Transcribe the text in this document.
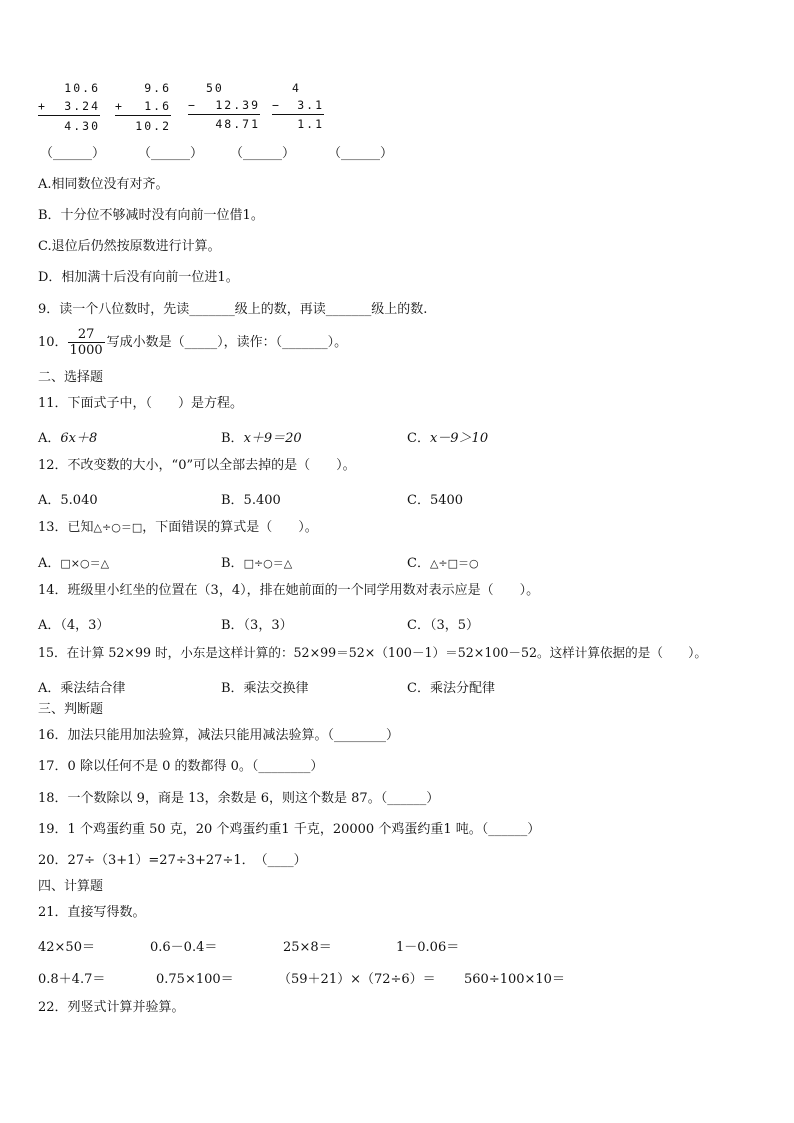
10.6
+ 3.24
4.30
9.6
+ 1.6
10.2
50
− 12.39
48.71
4
− 3.1
1.1
（______）	（______） （______）	（______）
A.相同数位没有对齐。
B．十分位不够减时没有向前一位借1。
C.退位后仍然按原数进行计算。
D．相加满十后没有向前一位进1。
9．读一个八位数时，先读_______级上的数，再读_______级上的数.
10． $\frac{27}{1000}$ 写成小数是（_____），读作：（_______）。
二、选择题
11．下面式子中，（　　）是方程。
A．6x＋8	B．x＋9＝20	C．x－9＞10
12．不改变数的大小，“0”可以全部去掉的是（　　）。
A．5.040	B．5.400	C．5400
13．已知△÷○＝□，下面错误的算式是（　　）。
A．□×○＝△	B．□÷○＝△	C．△÷□＝○
14．班级里小红坐的位置在（3，4），排在她前面的一个同学用数对表示应是（　　）。
A．（4，3）	B．（3，3）	C．（3，5）
15．在计算 52×99 时，小东是这样计算的：52×99＝52×（100－1）＝52×100－52。这样计算依据的是（　　）。
A．乘法结合律	B．乘法交换律	C．乘法分配律
三、判断题
16．加法只能用加法验算，减法只能用减法验算。（________）
17．0 除以任何不是 0 的数都得 0。（________）
18．一个数除以 9，商是 13，余数是 6，则这个数是 87。（______）
19．1 个鸡蛋约重 50 克，20 个鸡蛋约重1 千克，20000 个鸡蛋约重1 吨。（______）
20．27÷（3+1）=27÷3+27÷1．　（____）
四、计算题
21．直接写得数。
42×50＝	0.6－0.4＝	25×8＝	1－0.06＝
0.8＋4.7＝	0.75×100＝	（59＋21）×（72÷6）＝ 560÷100×10＝
22．列竖式计算并验算。
